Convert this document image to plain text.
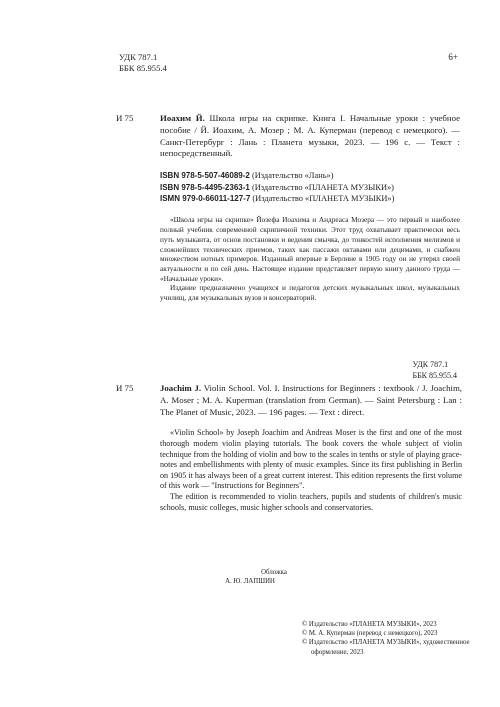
УДК 787.1
ББК 85.955.4
6+
И 75	Иоахим Й. Школа игры на скрипке. Книга I. Начальные уроки : учебное пособие / Й. Иоахим, А. Мозер ; М. А. Куперман (перевод с немецкого). — Санкт-Петербург : Лань : Планета музыки, 2023. — 196 с. — Текст : непосредственный.

ISBN 978-5-507-46089-2 (Издательство «Лань»)
ISBN 978-5-4495-2363-1 (Издательство «ПЛАНЕТА МУЗЫКИ»)
ISMN 979-0-66011-127-7 (Издательство «ПЛАНЕТА МУЗЫКИ»)

«Школа игры на скрипке» Йозефа Иоахима и Андреаса Мозера — это первый и наиболее полный учебник современной скрипичной техники. Этот труд охватывает практически весь путь музыканта, от основ постановки и ведения смычка, до тонкостей исполнения мелизмов и сложнейших технических приемов, таких как пассажи октавами или децимами, и снабжен множеством нотных примеров. Изданный впервые в Берлине в 1905 году он не утерял своей актуальности и по сей день. Настоящее издание представляет первую книгу данного труда — «Начальные уроки».

Издание предназначено учащихся и педагогов детских музыкальных школ, музыкальных училищ, для музыкальных вузов и консерваторий.

УДК 787.1
ББК 85.955.4
И 75	Joachim J. Violin School. Vol. I. Instructions for Beginners : textbook / J. Joachim, A. Moser ; M. A. Kuperman (translation from German). — Saint Petersburg : Lan : The Planet of Music, 2023. — 196 pages. — Text : direct.

«Violin School» by Joseph Joachim and Andreas Moser is the first and one of the most thorough modern violin playing tutorials. The book covers the whole subject of violin technique from the holding of violin and bow to the scales in tenths or style of playing grace-notes and embellishments with plenty of music examples. Since its first publishing in Berlin on 1905 it has always been of a great current interest. This edition represents the first volume of this work — "Instructions for Beginners".

The edition is recommended to violin teachers, pupils and students of children's music schools, music colleges, music higher schools and conservatories.

Обложка
А. Ю. ЛАПШИН
© Издательство «ПЛАНЕТА МУЗЫКИ», 2023
© М. А. Куперман (перевод с немецкого), 2023
© Издательство «ПЛАНЕТА МУЗЫКИ», художественное оформление, 2023
